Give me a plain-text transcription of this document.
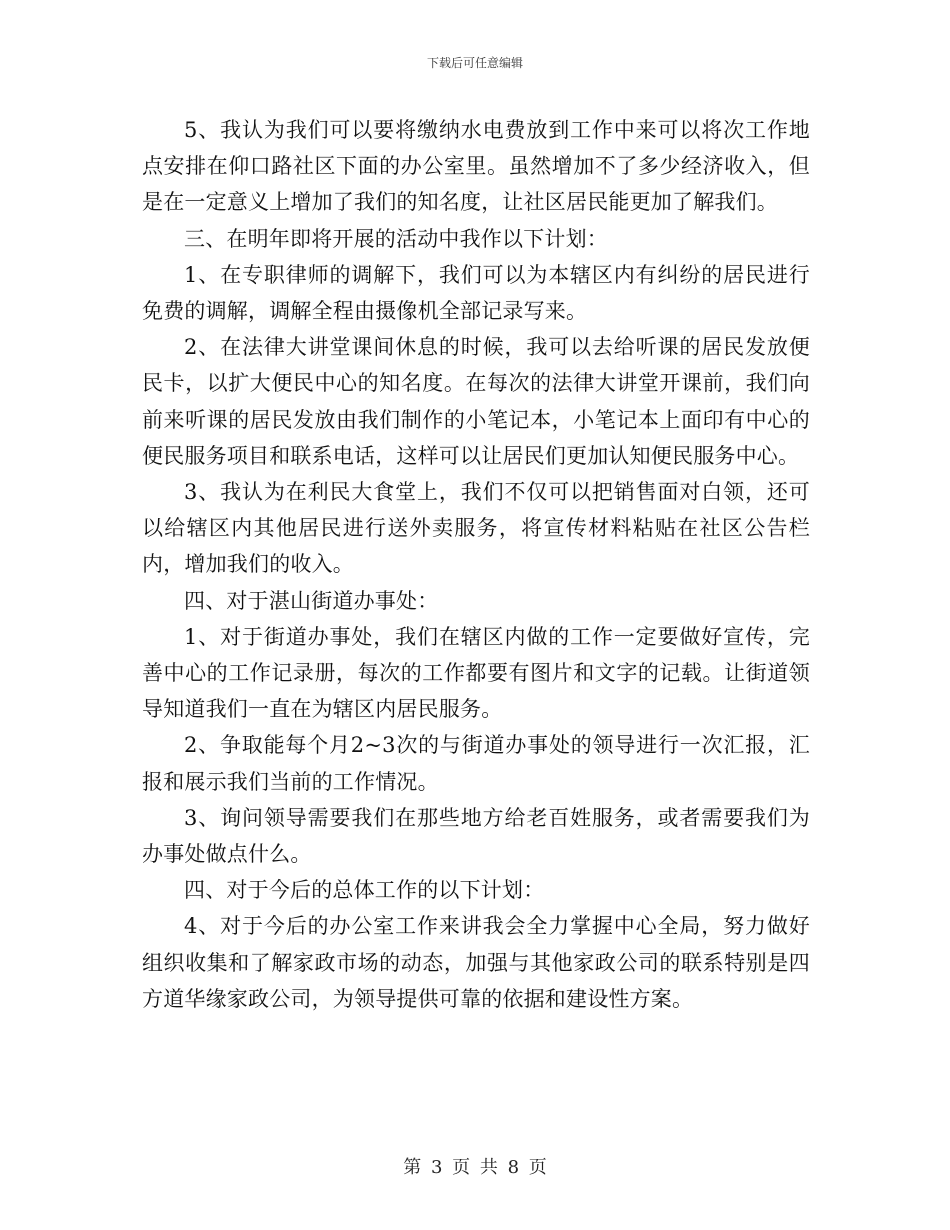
下载后可任意编辑

5、我认为我们可以要将缴纳水电费放到工作中来可以将次工作地点安排在仰口路社区下面的办公室里。虽然增加不了多少经济收入，但是在一定意义上增加了我们的知名度，让社区居民能更加了解我们。

三、在明年即将开展的活动中我作以下计划：

1、在专职律师的调解下，我们可以为本辖区内有纠纷的居民进行免费的调解，调解全程由摄像机全部记录写来。

2、在法律大讲堂课间休息的时候，我可以去给听课的居民发放便民卡，以扩大便民中心的知名度。在每次的法律大讲堂开课前，我们向前来听课的居民发放由我们制作的小笔记本，小笔记本上面印有中心的便民服务项目和联系电话，这样可以让居民们更加认知便民服务中心。

3、我认为在利民大食堂上，我们不仅可以把销售面对白领，还可以给辖区内其他居民进行送外卖服务，将宣传材料粘贴在社区公告栏内，增加我们的收入。

四、对于湛山街道办事处：

1、对于街道办事处，我们在辖区内做的工作一定要做好宣传，完善中心的工作记录册，每次的工作都要有图片和文字的记载。让街道领导知道我们一直在为辖区内居民服务。

2、争取能每个月2~3次的与街道办事处的领导进行一次汇报，汇报和展示我们当前的工作情况。

3、询问领导需要我们在那些地方给老百姓服务，或者需要我们为办事处做点什么。

四、对于今后的总体工作的以下计划：

4、对于今后的办公室工作来讲我会全力掌握中心全局，努力做好组织收集和了解家政市场的动态，加强与其他家政公司的联系特别是四方道华缘家政公司，为领导提供可靠的依据和建设性方案。

第 3 页 共 8 页
